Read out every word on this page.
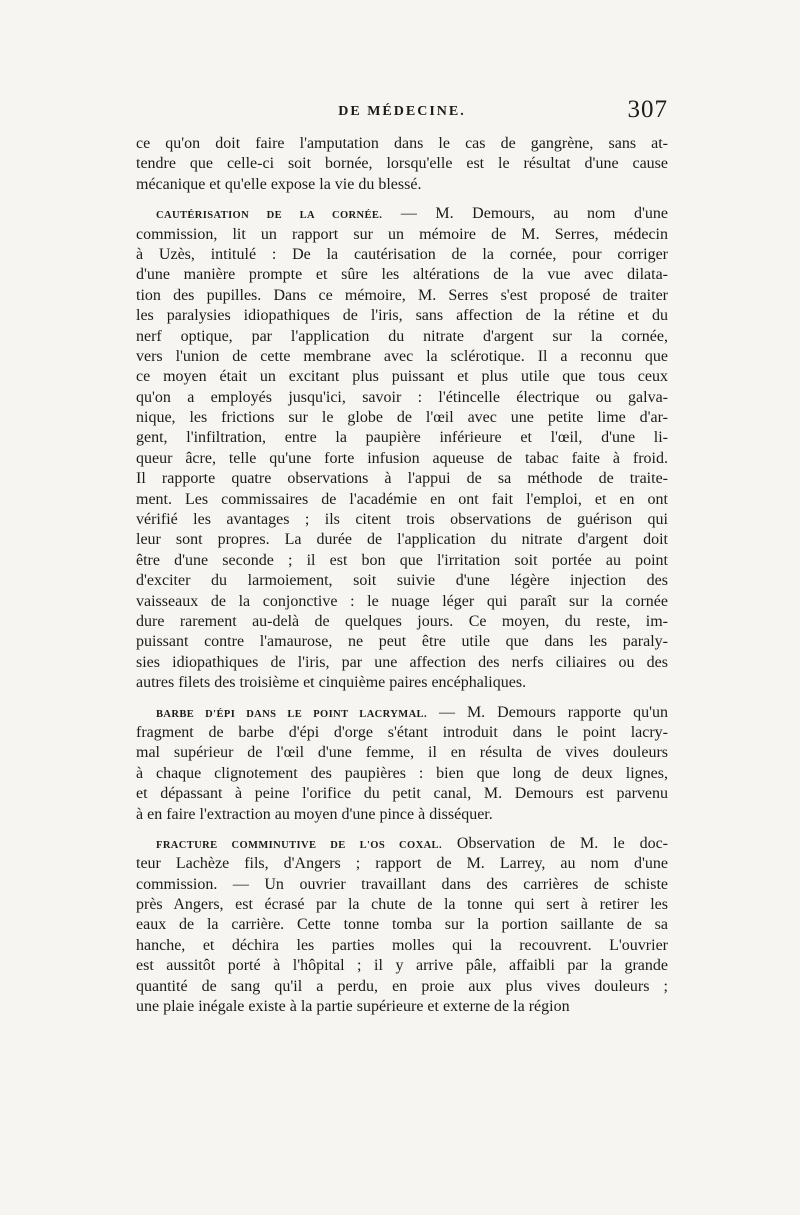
DE MÉDECINE.	307
ce qu'on doit faire l'amputation dans le cas de gangrène, sans at-
tendre que celle-ci soit bornée, lorsqu'elle est le résultat d'une cause
mécanique et qu'elle expose la vie du blessé.
CAUTÉRISATION DE LA CORNÉE. — M. Demours, au nom d'une
commission, lit un rapport sur un mémoire de M. Serres, médecin
à Uzès, intitulé : De la cautérisation de la cornée, pour corriger
d'une manière prompte et sûre les altérations de la vue avec dilata-
tion des pupilles. Dans ce mémoire, M. Serres s'est proposé de traiter
les paralysies idiopathiques de l'iris, sans affection de la rétine et du
nerf optique, par l'application du nitrate d'argent sur la cornée,
vers l'union de cette membrane avec la sclérotique. Il a reconnu que
ce moyen était un excitant plus puissant et plus utile que tous ceux
qu'on a employés jusqu'ici, savoir : l'étincelle électrique ou galva-
nique, les frictions sur le globe de l'œil avec une petite lime d'ar-
gent, l'infiltration, entre la paupière inférieure et l'œil, d'une li-
queur âcre, telle qu'une forte infusion aqueuse de tabac faite à froid.
Il rapporte quatre observations à l'appui de sa méthode de traite-
ment. Les commissaires de l'académie en ont fait l'emploi, et en ont
vérifié les avantages ; ils citent trois observations de guérison qui
leur sont propres. La durée de l'application du nitrate d'argent doit
être d'une seconde ; il est bon que l'irritation soit portée au point
d'exciter du larmoiement, soit suivie d'une légère injection des
vaisseaux de la conjonctive : le nuage léger qui paraît sur la cornée
dure rarement au-delà de quelques jours. Ce moyen, du reste, im-
puissant contre l'amaurose, ne peut être utile que dans les paraly-
sies idiopathiques de l'iris, par une affection des nerfs ciliaires ou des
autres filets des troisième et cinquième paires encéphaliques.
BARBE D'ÉPI DANS LE POINT LACRYMAL. — M. Demours rapporte qu'un
fragment de barbe d'épi d'orge s'étant introduit dans le point lacry-
mal supérieur de l'œil d'une femme, il en résulta de vives douleurs
à chaque clignotement des paupières : bien que long de deux lignes,
et dépassant à peine l'orifice du petit canal, M. Demours est parvenu
à en faire l'extraction au moyen d'une pince à disséquer.
FRACTURE COMMINUTIVE DE L'OS COXAL. Observation de M. le doc-
teur Lachèze fils, d'Angers ; rapport de M. Larrey, au nom d'une
commission. — Un ouvrier travaillant dans des carrières de schiste
près Angers, est écrasé par la chute de la tonne qui sert à retirer les
eaux de la carrière. Cette tonne tomba sur la portion saillante de sa
hanche, et déchira les parties molles qui la recouvrent. L'ouvrier
est aussitôt porté à l'hôpital ; il y arrive pâle, affaibli par la grande
quantité de sang qu'il a perdu, en proie aux plus vives douleurs ;
une plaie inégale existe à la partie supérieure et externe de la région
